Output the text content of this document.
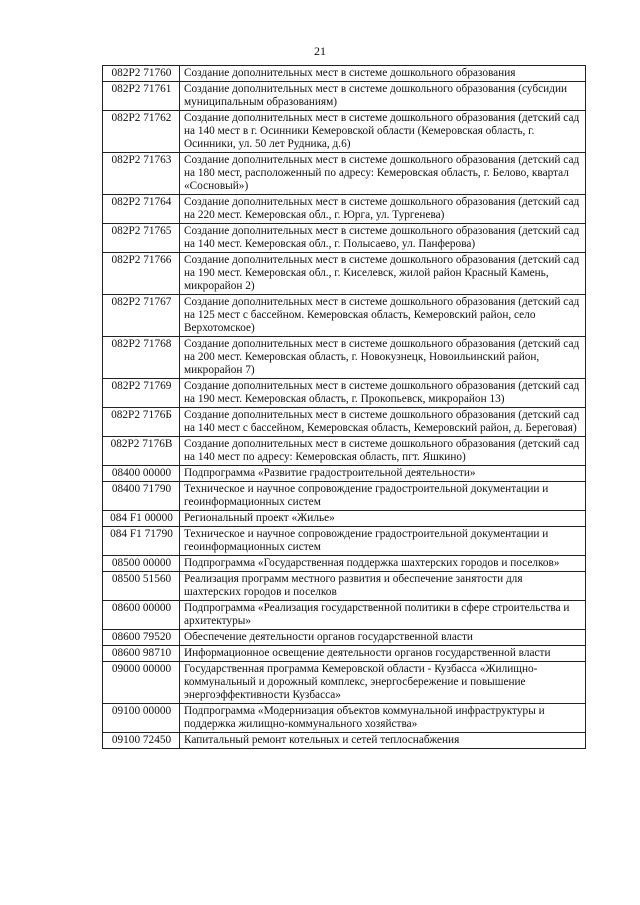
21
082P2 71760	Создание дополнительных мест в системе дошкольного образования
082P2 71761	Создание дополнительных мест в системе дошкольного образования (субсидии муниципальным образованиям)
082P2 71762	Создание дополнительных мест в системе дошкольного образования (детский сад на 140 мест в г. Осинники Кемеровской области (Кемеровская область, г. Осинники, ул. 50 лет Рудника, д.6)
082P2 71763	Создание дополнительных мест в системе дошкольного образования (детский сад на 180 мест, расположенный по адресу: Кемеровская область, г. Белово, квартал «Сосновый»)
082P2 71764	Создание дополнительных мест в системе дошкольного образования (детский сад на 220 мест. Кемеровская обл., г. Юрга, ул. Тургенева)
082P2 71765	Создание дополнительных мест в системе дошкольного образования (детский сад на 140 мест. Кемеровская обл., г. Полысаево, ул. Панферова)
082P2 71766	Создание дополнительных мест в системе дошкольного образования (детский сад на 190 мест. Кемеровская обл., г. Киселевск, жилой район Красный Камень, микрорайон 2)
082P2 71767	Создание дополнительных мест в системе дошкольного образования (детский сад на 125 мест с бассейном. Кемеровская область, Кемеровский район, село Верхотомское)
082P2 71768	Создание дополнительных мест в системе дошкольного образования (детский сад на 200 мест. Кемеровская область, г. Новокузнецк, Новоильинский район, микрорайон 7)
082P2 71769	Создание дополнительных мест в системе дошкольного образования (детский сад на 190 мест. Кемеровская область, г. Прокопьевск, микрорайон 13)
082P2 7176Б	Создание дополнительных мест в системе дошкольного образования (детский сад на 140 мест с бассейном, Кемеровская область, Кемеровский район, д. Береговая)
082P2 7176В	Создание дополнительных мест в системе дошкольного образования (детский сад на 140 мест по адресу: Кемеровская область, пгт. Яшкино)
08400 00000	Подпрограмма «Развитие градостроительной деятельности»
08400 71790	Техническое и научное сопровождение градостроительной документации и геоинформационных систем
084 F1 00000	Региональный проект «Жилье»
084 F1 71790	Техническое и научное сопровождение градостроительной документации и геоинформационных систем
08500 00000	Подпрограмма «Государственная поддержка шахтерских городов и поселков»
08500 51560	Реализация программ местного развития и обеспечение занятости для шахтерских городов и поселков
08600 00000	Подпрограмма «Реализация государственной политики в сфере строительства и архитектуры»
08600 79520	Обеспечение деятельности органов государственной власти
08600 98710	Информационное освещение деятельности органов государственной власти
09000 00000	Государственная программа Кемеровской области - Кузбасса «Жилищно-коммунальный и дорожный комплекс, энергосбережение и повышение энергоэффективности Кузбасса»
09100 00000	Подпрограмма «Модернизация объектов коммунальной инфраструктуры и поддержка жилищно-коммунального хозяйства»
09100 72450	Капитальный ремонт котельных и сетей теплоснабжения
